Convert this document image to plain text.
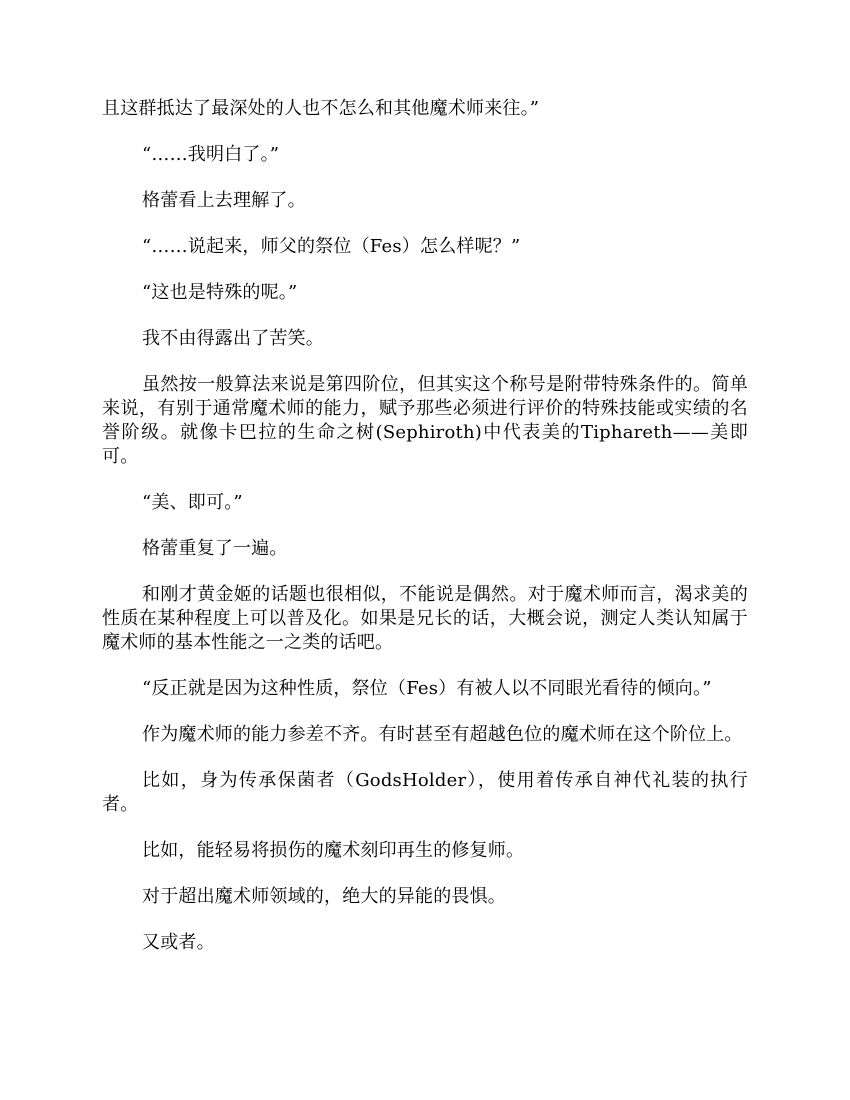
且这群抵达了最深处的人也不怎么和其他魔术师来往。”

“……我明白了。”

格蕾看上去理解了。

“……说起来，师父的祭位（Fes）怎么样呢？”

“这也是特殊的呢。”

我不由得露出了苦笑。

虽然按一般算法来说是第四阶位，但其实这个称号是附带特殊条件的。简单来说，有别于通常魔术师的能力，赋予那些必须进行评价的特殊技能或实绩的名誉阶级。就像卡巴拉的生命之树(Sephiroth)中代表美的Tiphareth——美即可。

“美、即可。”

格蕾重复了一遍。

和刚才黄金姬的话题也很相似，不能说是偶然。对于魔术师而言，渴求美的性质在某种程度上可以普及化。如果是兄长的话，大概会说，测定人类认知属于魔术师的基本性能之一之类的话吧。

“反正就是因为这种性质，祭位（Fes）有被人以不同眼光看待的倾向。”

作为魔术师的能力参差不齐。有时甚至有超越色位的魔术师在这个阶位上。

比如，身为传承保菌者（GodsHolder），使用着传承自神代礼装的执行者。

比如，能轻易将损伤的魔术刻印再生的修复师。

对于超出魔术师领域的，绝大的异能的畏惧。

又或者。
